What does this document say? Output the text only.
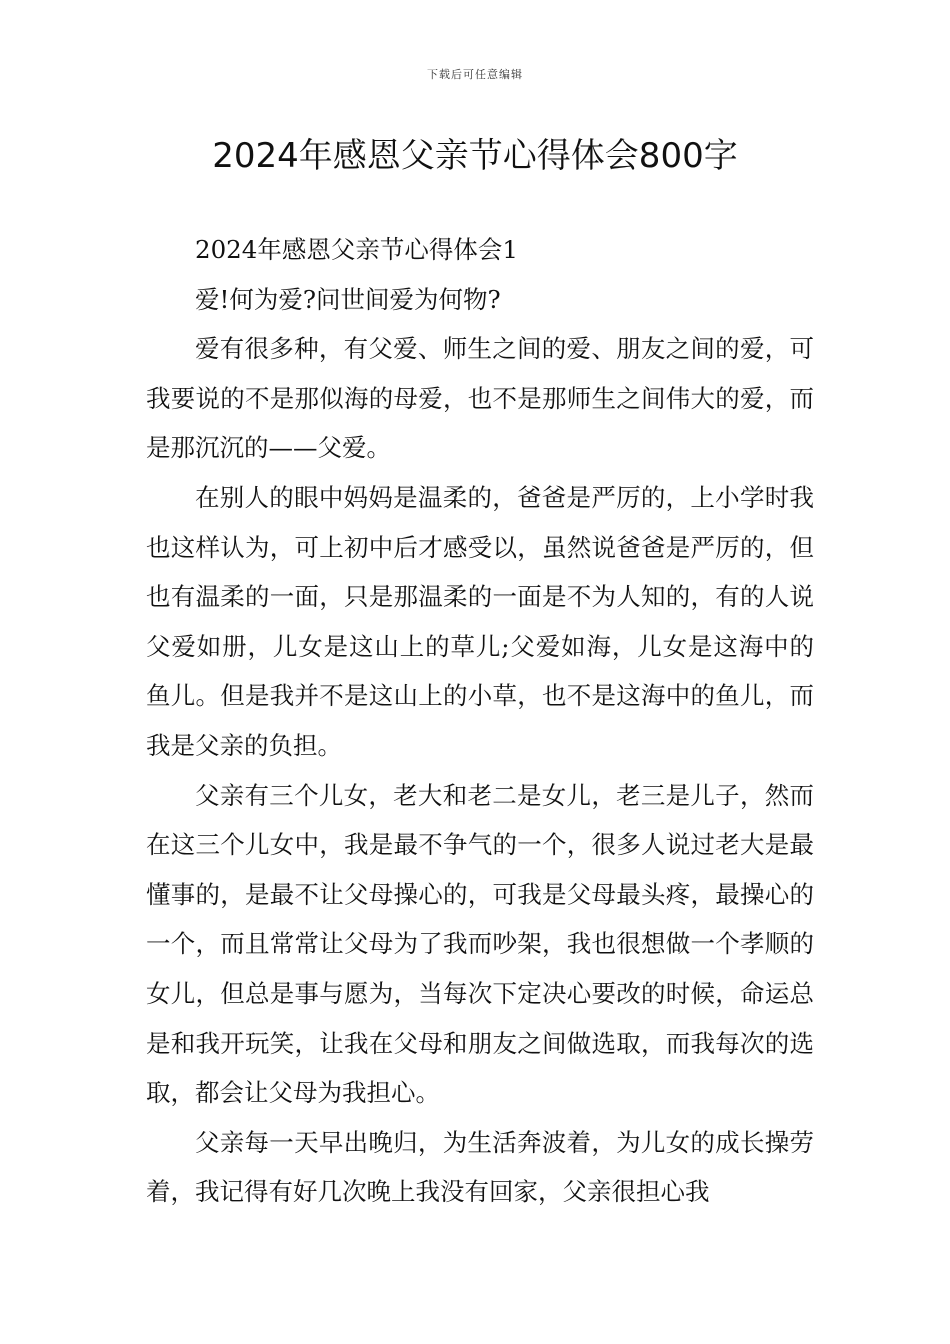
下载后可任意编辑
2024年感恩父亲节心得体会800字

2024年感恩父亲节心得体会1

爱!何为爱?问世间爱为何物?

爱有很多种，有父爱、师生之间的爱、朋友之间的爱，可我要说的不是那似海的母爱，也不是那师生之间伟大的爱，而是那沉沉的——父爱。

在别人的眼中妈妈是温柔的，爸爸是严厉的，上小学时我也这样认为，可上初中后才感受以，虽然说爸爸是严厉的，但也有温柔的一面，只是那温柔的一面是不为人知的，有的人说父爱如册，儿女是这山上的草儿;父爱如海，儿女是这海中的鱼儿。但是我并不是这山上的小草，也不是这海中的鱼儿，而我是父亲的负担。

父亲有三个儿女，老大和老二是女儿，老三是儿子，然而在这三个儿女中，我是最不争气的一个，很多人说过老大是最懂事的，是最不让父母操心的，可我是父母最头疼，最操心的一个，而且常常让父母为了我而吵架，我也很想做一个孝顺的女儿，但总是事与愿为，当每次下定决心要改的时候，命运总是和我开玩笑，让我在父母和朋友之间做选取，而我每次的选取，都会让父母为我担心。

父亲每一天早出晚归，为生活奔波着，为儿女的成长操劳着，我记得有好几次晚上我没有回家，父亲很担心我
